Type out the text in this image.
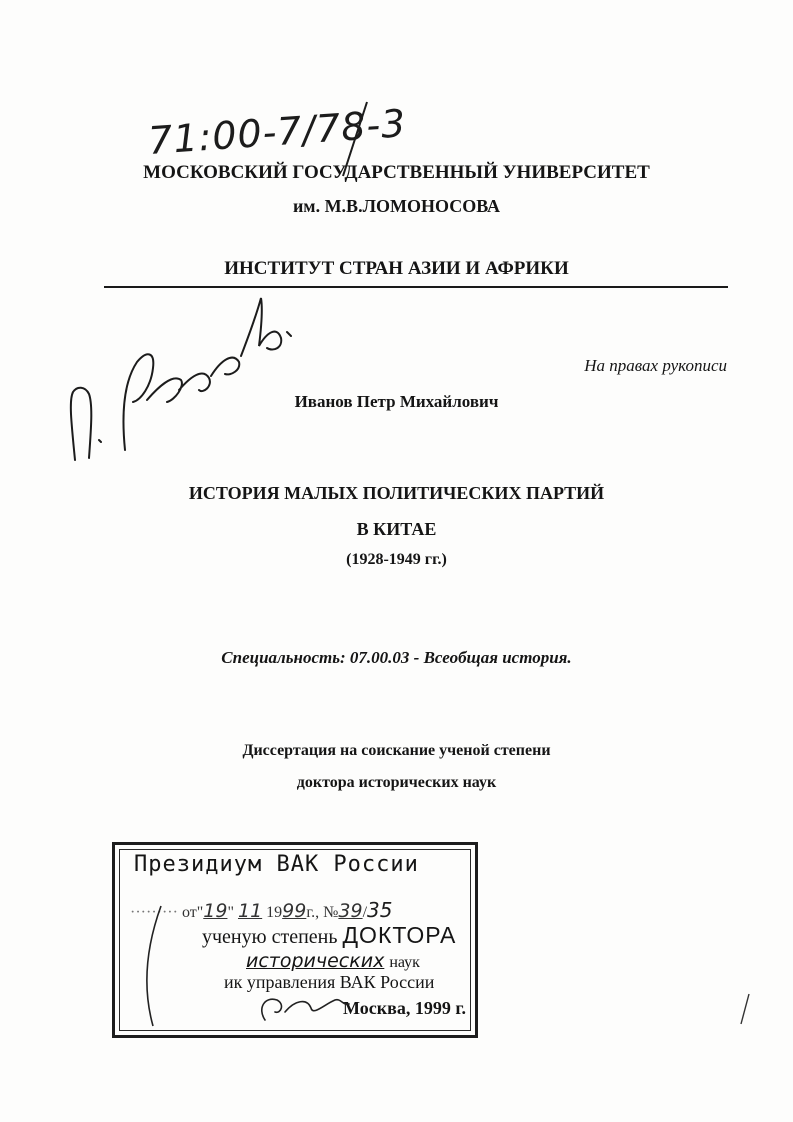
71:00-7/78-3
МОСКОВСКИЙ ГОСУДАРСТВЕННЫЙ УНИВЕРСИТЕТ
им. М.В.ЛОМОНОСОВА
ИНСТИТУТ СТРАН АЗИИ И АФРИКИ
На правах рукописи
Иванов Петр Михайлович
ИСТОРИЯ МАЛЫХ ПОЛИТИЧЕСКИХ ПАРТИЙ
В КИТАЕ
(1928-1949 гг.)
Специальность: 07.00.03 - Всеобщая история.
Диссертация на соискание ученой степени
доктора исторических наук
Президиум ВАК России
········· от"19" 11 1999г., №39/35
ученую степень ДОКТОРА
исторических наук
ик управления ВАК России
Москва, 1999 г.
